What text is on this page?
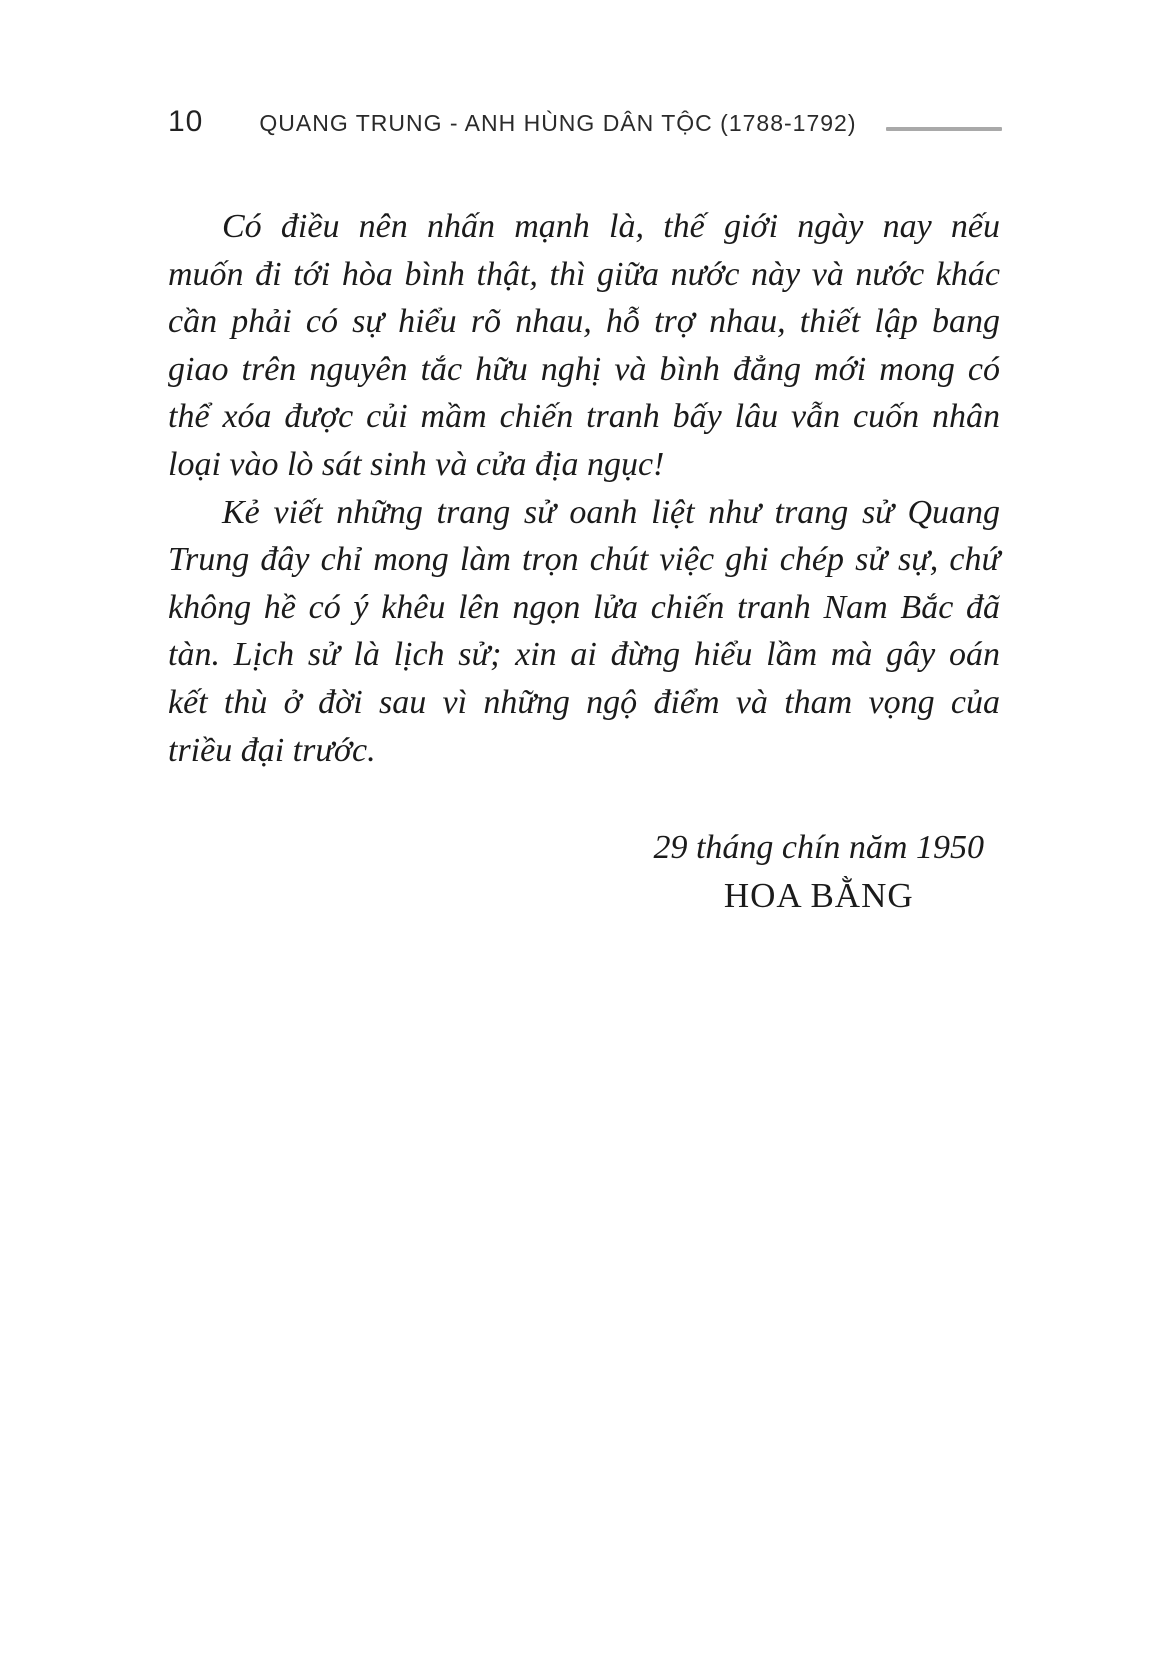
10 QUANG TRUNG - ANH HÙNG DÂN TỘC (1788-1792)
Có điều nên nhấn mạnh là, thế giới ngày nay nếu
muốn đi tới hòa bình thật, thì giữa nước này và nước khác
cần phải có sự hiểu rõ nhau, hỗ trợ nhau, thiết lập bang
giao trên nguyên tắc hữu nghị và bình đẳng mới mong có
thể xóa được củi mầm chiến tranh bấy lâu vẫn cuốn nhân
loại vào lò sát sinh và cửa địa ngục!
Kẻ viết những trang sử oanh liệt như trang sử Quang
Trung đây chỉ mong làm trọn chút việc ghi chép sử sự, chứ
không hề có ý khêu lên ngọn lửa chiến tranh Nam Bắc đã
tàn. Lịch sử là lịch sử; xin ai đừng hiểu lầm mà gây oán
kết thù ở đời sau vì những ngộ điểm và tham vọng của
triều đại trước.
29 tháng chín năm 1950
HOA BẰNG
